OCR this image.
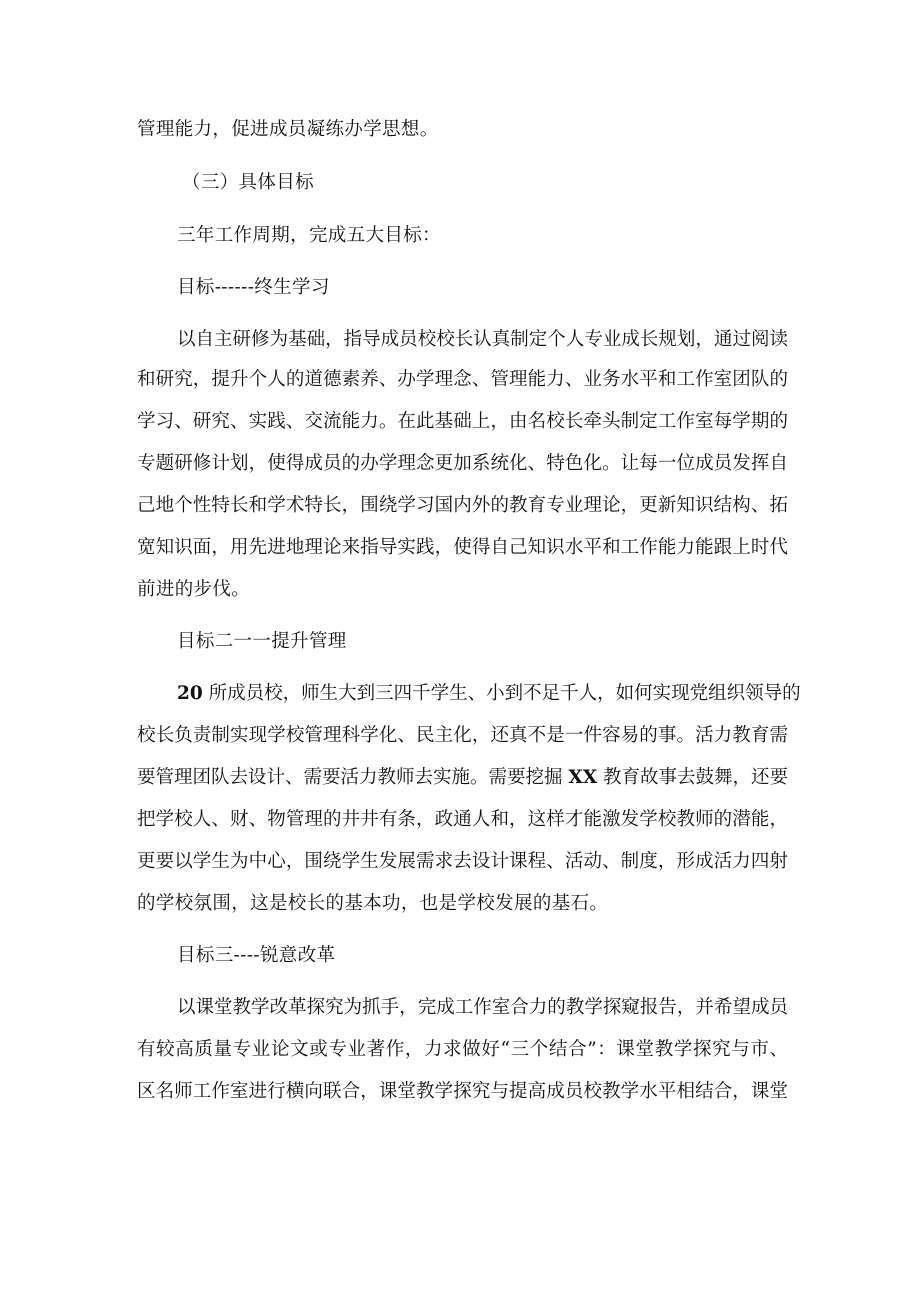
管理能力，促进成员凝练办学思想。
（三）具体目标
三年工作周期，完成五大目标：
目标------终生学习
以自主研修为基础，指导成员校校长认真制定个人专业成长规划，通过阅读
和研究，提升个人的道德素养、办学理念、管理能力、业务水平和工作室团队的
学习、研究、实践、交流能力。在此基础上，由名校长牵头制定工作室每学期的
专题研修计划，使得成员的办学理念更加系统化、特色化。让每一位成员发挥自
己地个性特长和学术特长，围绕学习国内外的教育专业理论，更新知识结构、拓
宽知识面，用先进地理论来指导实践，使得自己知识水平和工作能力能跟上时代
前进的步伐。
目标二一一提升管理
20 所成员校，师生大到三四千学生、小到不足千人，如何实现党组织领导的
校长负责制实现学校管理科学化、民主化，还真不是一件容易的事。活力教育需
要管理团队去设计、需要活力教师去实施。需要挖掘 XX 教育故事去鼓舞，还要
把学校人、财、物管理的井井有条，政通人和，这样才能激发学校教师的潜能，
更要以学生为中心，围绕学生发展需求去设计课程、活动、制度，形成活力四射
的学校氛围，这是校长的基本功，也是学校发展的基石。
目标三----锐意改革
以课堂教学改革探究为抓手，完成工作室合力的教学探窥报告，并希望成员
有较高质量专业论文或专业著作，力求做好“三个结合”：课堂教学探究与市、
区名师工作室进行横向联合，课堂教学探究与提高成员校教学水平相结合，课堂
